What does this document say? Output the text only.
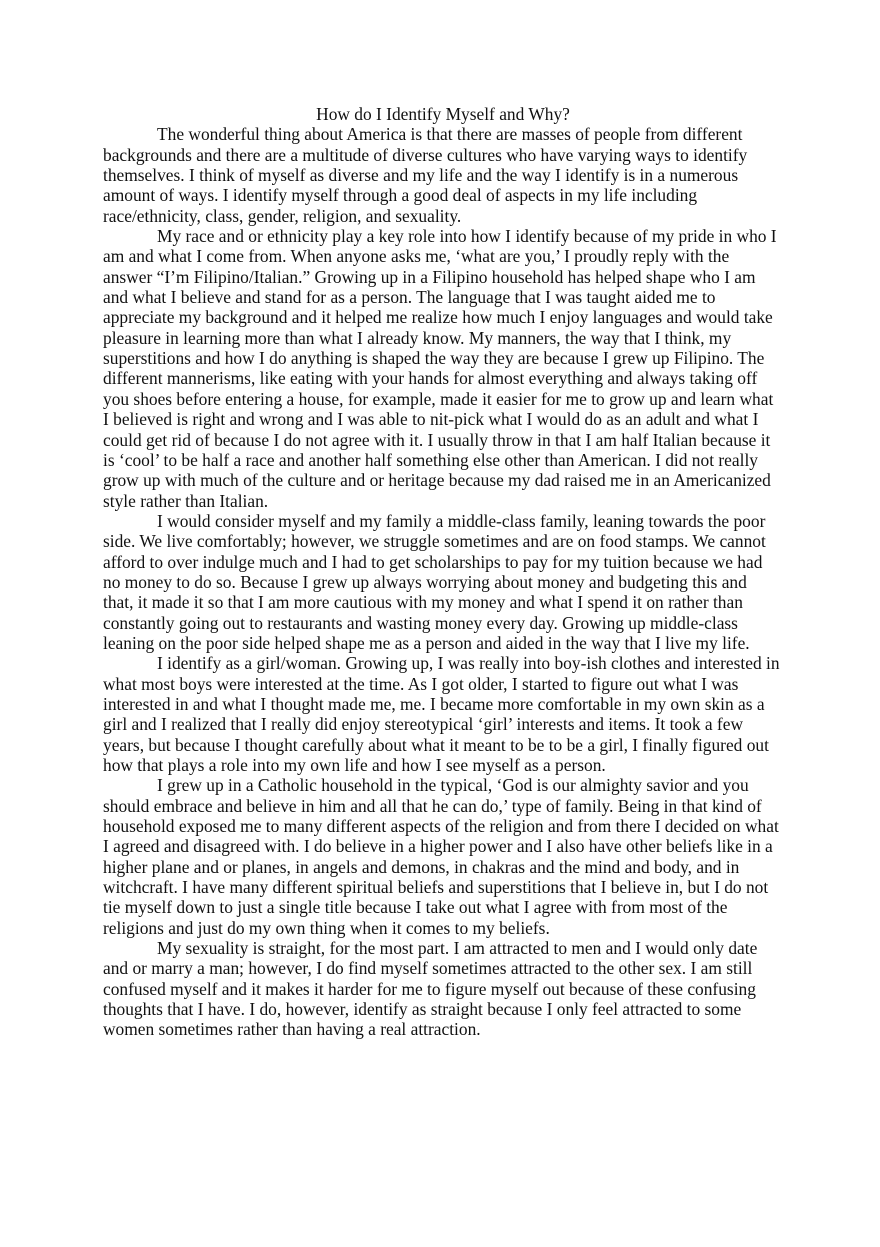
How do I Identify Myself and Why?
The wonderful thing about America is that there are masses of people from different
backgrounds and there are a multitude of diverse cultures who have varying ways to identify
themselves. I think of myself as diverse and my life and the way I identify is in a numerous
amount of ways. I identify myself through a good deal of aspects in my life including
race/ethnicity, class, gender, religion, and sexuality.
My race and or ethnicity play a key role into how I identify because of my pride in who I
am and what I come from. When anyone asks me, ‘what are you,’ I proudly reply with the
answer “I’m Filipino/Italian.” Growing up in a Filipino household has helped shape who I am
and what I believe and stand for as a person. The language that I was taught aided me to
appreciate my background and it helped me realize how much I enjoy languages and would take
pleasure in learning more than what I already know. My manners, the way that I think, my
superstitions and how I do anything is shaped the way they are because I grew up Filipino. The
different mannerisms, like eating with your hands for almost everything and always taking off
you shoes before entering a house, for example, made it easier for me to grow up and learn what
I believed is right and wrong and I was able to nit-pick what I would do as an adult and what I
could get rid of because I do not agree with it. I usually throw in that I am half Italian because it
is ‘cool’ to be half a race and another half something else other than American. I did not really
grow up with much of the culture and or heritage because my dad raised me in an Americanized
style rather than Italian.
I would consider myself and my family a middle-class family, leaning towards the poor
side. We live comfortably; however, we struggle sometimes and are on food stamps. We cannot
afford to over indulge much and I had to get scholarships to pay for my tuition because we had
no money to do so. Because I grew up always worrying about money and budgeting this and
that, it made it so that I am more cautious with my money and what I spend it on rather than
constantly going out to restaurants and wasting money every day. Growing up middle-class
leaning on the poor side helped shape me as a person and aided in the way that I live my life.
I identify as a girl/woman. Growing up, I was really into boy-ish clothes and interested in
what most boys were interested at the time. As I got older, I started to figure out what I was
interested in and what I thought made me, me. I became more comfortable in my own skin as a
girl and I realized that I really did enjoy stereotypical ‘girl’ interests and items. It took a few
years, but because I thought carefully about what it meant to be to be a girl, I finally figured out
how that plays a role into my own life and how I see myself as a person.
I grew up in a Catholic household in the typical, ‘God is our almighty savior and you
should embrace and believe in him and all that he can do,’ type of family. Being in that kind of
household exposed me to many different aspects of the religion and from there I decided on what
I agreed and disagreed with. I do believe in a higher power and I also have other beliefs like in a
higher plane and or planes, in angels and demons, in chakras and the mind and body, and in
witchcraft. I have many different spiritual beliefs and superstitions that I believe in, but I do not
tie myself down to just a single title because I take out what I agree with from most of the
religions and just do my own thing when it comes to my beliefs.
My sexuality is straight, for the most part. I am attracted to men and I would only date
and or marry a man; however, I do find myself sometimes attracted to the other sex. I am still
confused myself and it makes it harder for me to figure myself out because of these confusing
thoughts that I have. I do, however, identify as straight because I only feel attracted to some
women sometimes rather than having a real attraction.
